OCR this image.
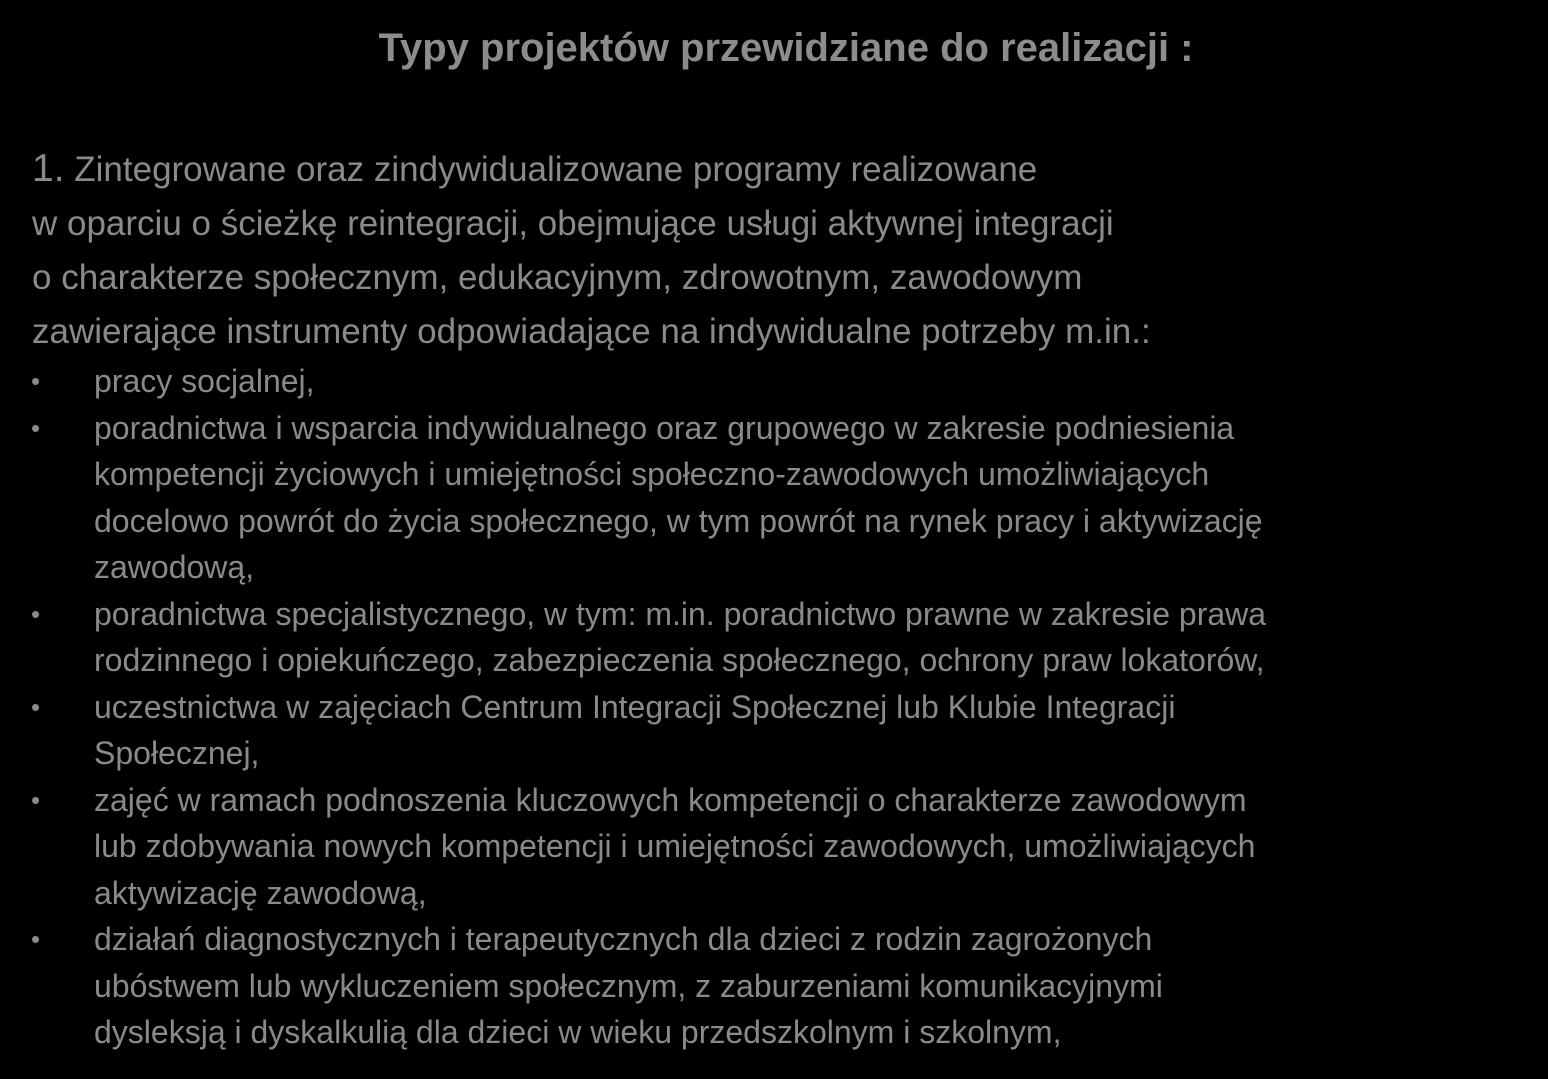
Typy projektów przewidziane do realizacji :
1. Zintegrowane oraz zindywidualizowane programy realizowane
w oparciu o ścieżkę reintegracji, obejmujące usługi aktywnej integracji
o charakterze społecznym, edukacyjnym, zdrowotnym, zawodowym
zawierające instrumenty odpowiadające na indywidualne potrzeby m.in.:
• pracy socjalnej,
• poradnictwa i wsparcia indywidualnego oraz grupowego w zakresie podniesienia
kompetencji życiowych i umiejętności społeczno-zawodowych umożliwiających
docelowo powrót do życia społecznego, w tym powrót na rynek pracy i aktywizację
zawodową,
• poradnictwa specjalistycznego, w tym: m.in. poradnictwo prawne w zakresie prawa
rodzinnego i opiekuńczego, zabezpieczenia społecznego, ochrony praw lokatorów,
• uczestnictwa w zajęciach Centrum Integracji Społecznej lub Klubie Integracji
Społecznej,
• zajęć w ramach podnoszenia kluczowych kompetencji o charakterze zawodowym
lub zdobywania nowych kompetencji i umiejętności zawodowych, umożliwiających
aktywizację zawodową,
• działań diagnostycznych i terapeutycznych dla dzieci z rodzin zagrożonych
ubóstwem lub wykluczeniem społecznym, z zaburzeniami komunikacyjnymi
dysleksją i dyskalkulią dla dzieci w wieku przedszkolnym i szkolnym,
